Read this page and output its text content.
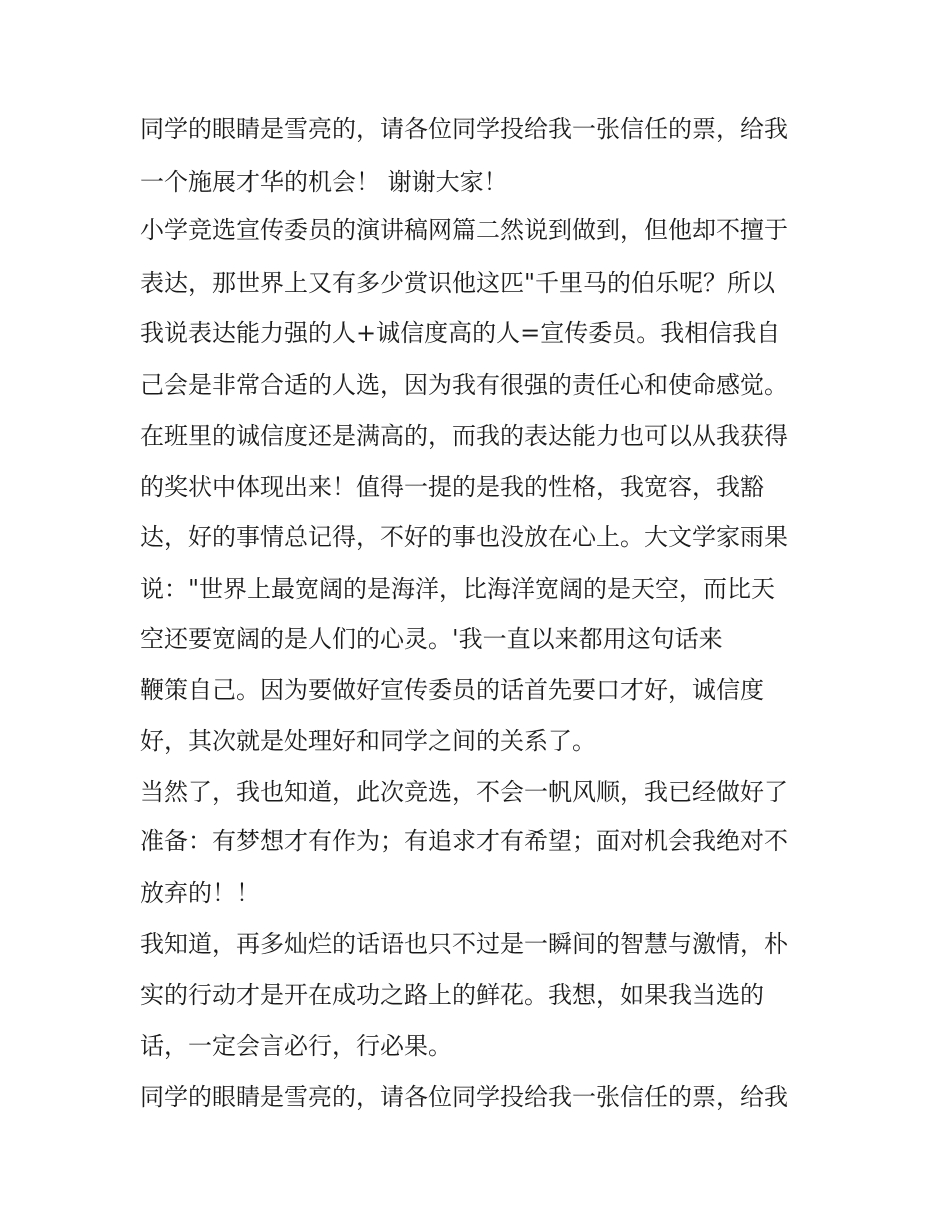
同学的眼睛是雪亮的，请各位同学投给我一张信任的票，给我
一个施展才华的机会！ 谢谢大家！
小学竞选宣传委员的演讲稿网篇二然说到做到，但他却不擅于
表达，那世界上又有多少赏识他这匹"千里马的伯乐呢？所以
我说表达能力强的人+诚信度高的人=宣传委员。我相信我自
己会是非常合适的人选，因为我有很强的责任心和使命感觉。
在班里的诚信度还是满高的，而我的表达能力也可以从我获得
的奖状中体现出来！值得一提的是我的性格，我宽容，我豁
达，好的事情总记得，不好的事也没放在心上。大文学家雨果
说："世界上最宽阔的是海洋，比海洋宽阔的是天空，而比天
空还要宽阔的是人们的心灵。'我一直以来都用这句话来
鞭策自己。因为要做好宣传委员的话首先要口才好，诚信度
好，其次就是处理好和同学之间的关系了。
当然了，我也知道，此次竞选，不会一帆风顺，我已经做好了
准备：有梦想才有作为；有追求才有希望；面对机会我绝对不
放弃的！！
我知道，再多灿烂的话语也只不过是一瞬间的智慧与激情，朴
实的行动才是开在成功之路上的鲜花。我想，如果我当选的
话，一定会言必行，行必果。
同学的眼睛是雪亮的，请各位同学投给我一张信任的票，给我
